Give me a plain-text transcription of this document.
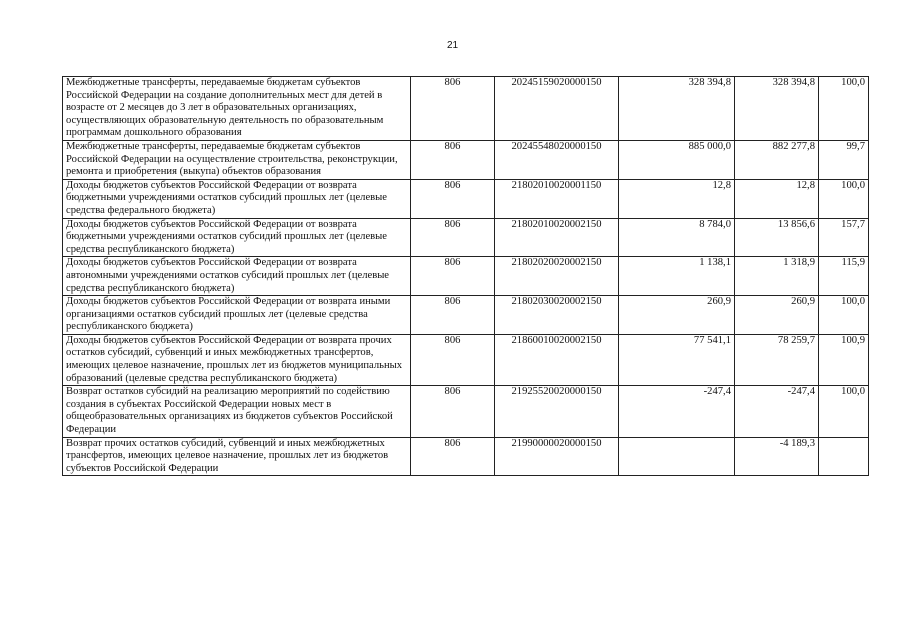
21
Межбюджетные трансферты, передаваемые бюджетам субъектов Российской Федерации на создание дополнительных мест для детей в возрасте от 2 месяцев до 3 лет в образовательных организациях, осуществляющих образовательную деятельность по образовательным программам дошкольного образования	806	20245159020000150	328 394,8	328 394,8	100,0
Межбюджетные трансферты, передаваемые бюджетам субъектов Российской Федерации на осуществление строительства, реконструкции, ремонта и приобретения (выкупа) объектов образования	806	20245548020000150	885 000,0	882 277,8	99,7
Доходы бюджетов субъектов Российской Федерации от возврата бюджетными учреждениями остатков субсидий прошлых лет (целевые средства федерального бюджета)	806	21802010020001150	12,8	12,8	100,0
Доходы бюджетов субъектов Российской Федерации от возврата бюджетными учреждениями остатков субсидий прошлых лет (целевые средства республиканского бюджета)	806	21802010020002150	8 784,0	13 856,6	157,7
Доходы бюджетов субъектов Российской Федерации от возврата автономными учреждениями остатков субсидий прошлых лет (целевые средства республиканского бюджета)	806	21802020020002150	1 138,1	1 318,9	115,9
Доходы бюджетов субъектов Российской Федерации от возврата иными организациями остатков субсидий прошлых лет (целевые средства республиканского бюджета)	806	21802030020002150	260,9	260,9	100,0
Доходы бюджетов субъектов Российской Федерации от возврата прочих остатков субсидий, субвенций и иных межбюджетных трансфертов, имеющих целевое назначение, прошлых лет из бюджетов муниципальных образований (целевые средства республиканского бюджета)	806	21860010020002150	77 541,1	78 259,7	100,9
Возврат остатков субсидий на реализацию мероприятий по содействию создания в субъектах Российской Федерации новых мест в общеобразовательных организациях из бюджетов субъектов Российской Федерации	806	21925520020000150	-247,4	-247,4	100,0
Возврат прочих остатков субсидий, субвенций и иных межбюджетных трансфертов, имеющих целевое назначение, прошлых лет из бюджетов субъектов Российской Федерации	806	21990000020000150		-4 189,3	
